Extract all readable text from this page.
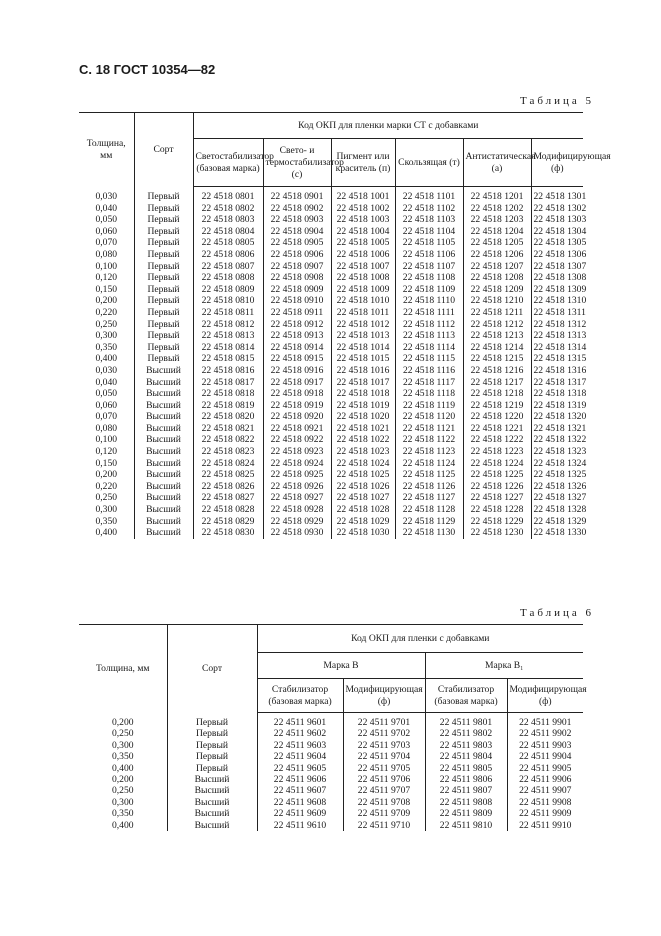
С. 18 ГОСТ 10354—82
Таблица 5
Толщина, мм	Сорт	Код ОКП для пленки марки СТ с добавками					
		Светостабилизатор (базовая марка)	Свето- и термостабилизатор (с)	Пигмент или краситель (п)	Скользящая (т)	Антистатическая (а)	Модифицирующая (ф)
0,030	Первый	22 4518 0801	22 4518 0901	22 4518 1001	22 4518 1101	22 4518 1201	22 4518 1301
0,040	Первый	22 4518 0802	22 4518 0902	22 4518 1002	22 4518 1102	22 4518 1202	22 4518 1302
0,050	Первый	22 4518 0803	22 4518 0903	22 4518 1003	22 4518 1103	22 4518 1203	22 4518 1303
0,060	Первый	22 4518 0804	22 4518 0904	22 4518 1004	22 4518 1104	22 4518 1204	22 4518 1304
0,070	Первый	22 4518 0805	22 4518 0905	22 4518 1005	22 4518 1105	22 4518 1205	22 4518 1305
0,080	Первый	22 4518 0806	22 4518 0906	22 4518 1006	22 4518 1106	22 4518 1206	22 4518 1306
0,100	Первый	22 4518 0807	22 4518 0907	22 4518 1007	22 4518 1107	22 4518 1207	22 4518 1307
0,120	Первый	22 4518 0808	22 4518 0908	22 4518 1008	22 4518 1108	22 4518 1208	22 4518 1308
0,150	Первый	22 4518 0809	22 4518 0909	22 4518 1009	22 4518 1109	22 4518 1209	22 4518 1309
0,200	Первый	22 4518 0810	22 4518 0910	22 4518 1010	22 4518 1110	22 4518 1210	22 4518 1310
0,220	Первый	22 4518 0811	22 4518 0911	22 4518 1011	22 4518 1111	22 4518 1211	22 4518 1311
0,250	Первый	22 4518 0812	22 4518 0912	22 4518 1012	22 4518 1112	22 4518 1212	22 4518 1312
0,300	Первый	22 4518 0813	22 4518 0913	22 4518 1013	22 4518 1113	22 4518 1213	22 4518 1313
0,350	Первый	22 4518 0814	22 4518 0914	22 4518 1014	22 4518 1114	22 4518 1214	22 4518 1314
0,400	Первый	22 4518 0815	22 4518 0915	22 4518 1015	22 4518 1115	22 4518 1215	22 4518 1315
0,030	Высший	22 4518 0816	22 4518 0916	22 4518 1016	22 4518 1116	22 4518 1216	22 4518 1316
0,040	Высший	22 4518 0817	22 4518 0917	22 4518 1017	22 4518 1117	22 4518 1217	22 4518 1317
0,050	Высший	22 4518 0818	22 4518 0918	22 4518 1018	22 4518 1118	22 4518 1218	22 4518 1318
0,060	Высший	22 4518 0819	22 4518 0919	22 4518 1019	22 4518 1119	22 4518 1219	22 4518 1319
0,070	Высший	22 4518 0820	22 4518 0920	22 4518 1020	22 4518 1120	22 4518 1220	22 4518 1320
0,080	Высший	22 4518 0821	22 4518 0921	22 4518 1021	22 4518 1121	22 4518 1221	22 4518 1321
0,100	Высший	22 4518 0822	22 4518 0922	22 4518 1022	22 4518 1122	22 4518 1222	22 4518 1322
0,120	Высший	22 4518 0823	22 4518 0923	22 4518 1023	22 4518 1123	22 4518 1223	22 4518 1323
0,150	Высший	22 4518 0824	22 4518 0924	22 4518 1024	22 4518 1124	22 4518 1224	22 4518 1324
0,200	Высший	22 4518 0825	22 4518 0925	22 4518 1025	22 4518 1125	22 4518 1225	22 4518 1325
0,220	Высший	22 4518 0826	22 4518 0926	22 4518 1026	22 4518 1126	22 4518 1226	22 4518 1326
0,250	Высший	22 4518 0827	22 4518 0927	22 4518 1027	22 4518 1127	22 4518 1227	22 4518 1327
0,300	Высший	22 4518 0828	22 4518 0928	22 4518 1028	22 4518 1128	22 4518 1228	22 4518 1328
0,350	Высший	22 4518 0829	22 4518 0929	22 4518 1029	22 4518 1129	22 4518 1229	22 4518 1329
0,400	Высший	22 4518 0830	22 4518 0930	22 4518 1030	22 4518 1130	22 4518 1230	22 4518 1330
Таблица 6
Толщина, мм	Сорт	Код ОКП для пленки с добавками			
		Марка В		Марка В₁	
		Стабилизатор (базовая марка)	Модифицирующая (ф)	Стабилизатор (базовая марка)	Модифицирующая (ф)
0,200	Первый	22 4511 9601	22 4511 9701	22 4511 9801	22 4511 9901
0,250	Первый	22 4511 9602	22 4511 9702	22 4511 9802	22 4511 9902
0,300	Первый	22 4511 9603	22 4511 9703	22 4511 9803	22 4511 9903
0,350	Первый	22 4511 9604	22 4511 9704	22 4511 9804	22 4511 9904
0,400	Первый	22 4511 9605	22 4511 9705	22 4511 9805	22 4511 9905
0,200	Высший	22 4511 9606	22 4511 9706	22 4511 9806	22 4511 9906
0,250	Высший	22 4511 9607	22 4511 9707	22 4511 9807	22 4511 9907
0,300	Высший	22 4511 9608	22 4511 9708	22 4511 9808	22 4511 9908
0,350	Высший	22 4511 9609	22 4511 9709	22 4511 9809	22 4511 9909
0,400	Высший	22 4511 9610	22 4511 9710	22 4511 9810	22 4511 9910
